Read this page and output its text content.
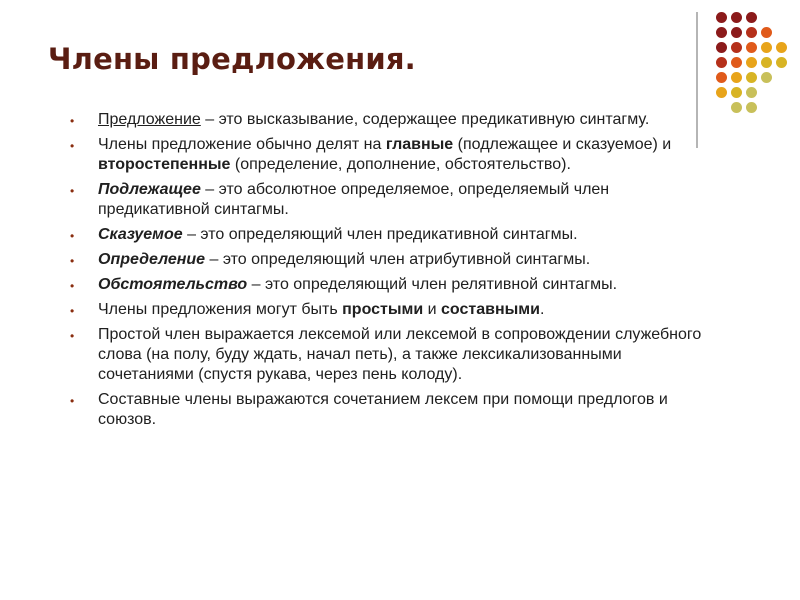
Члены предложения.
• Предложение – это высказывание, содержащее предикативную синтагму.
• Члены предложение обычно делят на главные (подлежащее и сказуемое) и второстепенные (определение, дополнение, обстоятельство).
• Подлежащее – это абсолютное определяемое, определяемый член предикативной синтагмы.
• Сказуемое – это определяющий член предикативной синтагмы.
• Определение – это определяющий член атрибутивной синтагмы.
• Обстоятельство – это определяющий член релятивной синтагмы.
• Члены предложения могут быть простыми и составными.
• Простой член выражается лексемой или лексемой в сопровождении служебного слова (на полу, буду ждать, начал петь), а также лексикализованными сочетаниями (спустя рукава, через пень колоду).
• Составные члены выражаются сочетанием лексем при помощи предлогов и союзов.
